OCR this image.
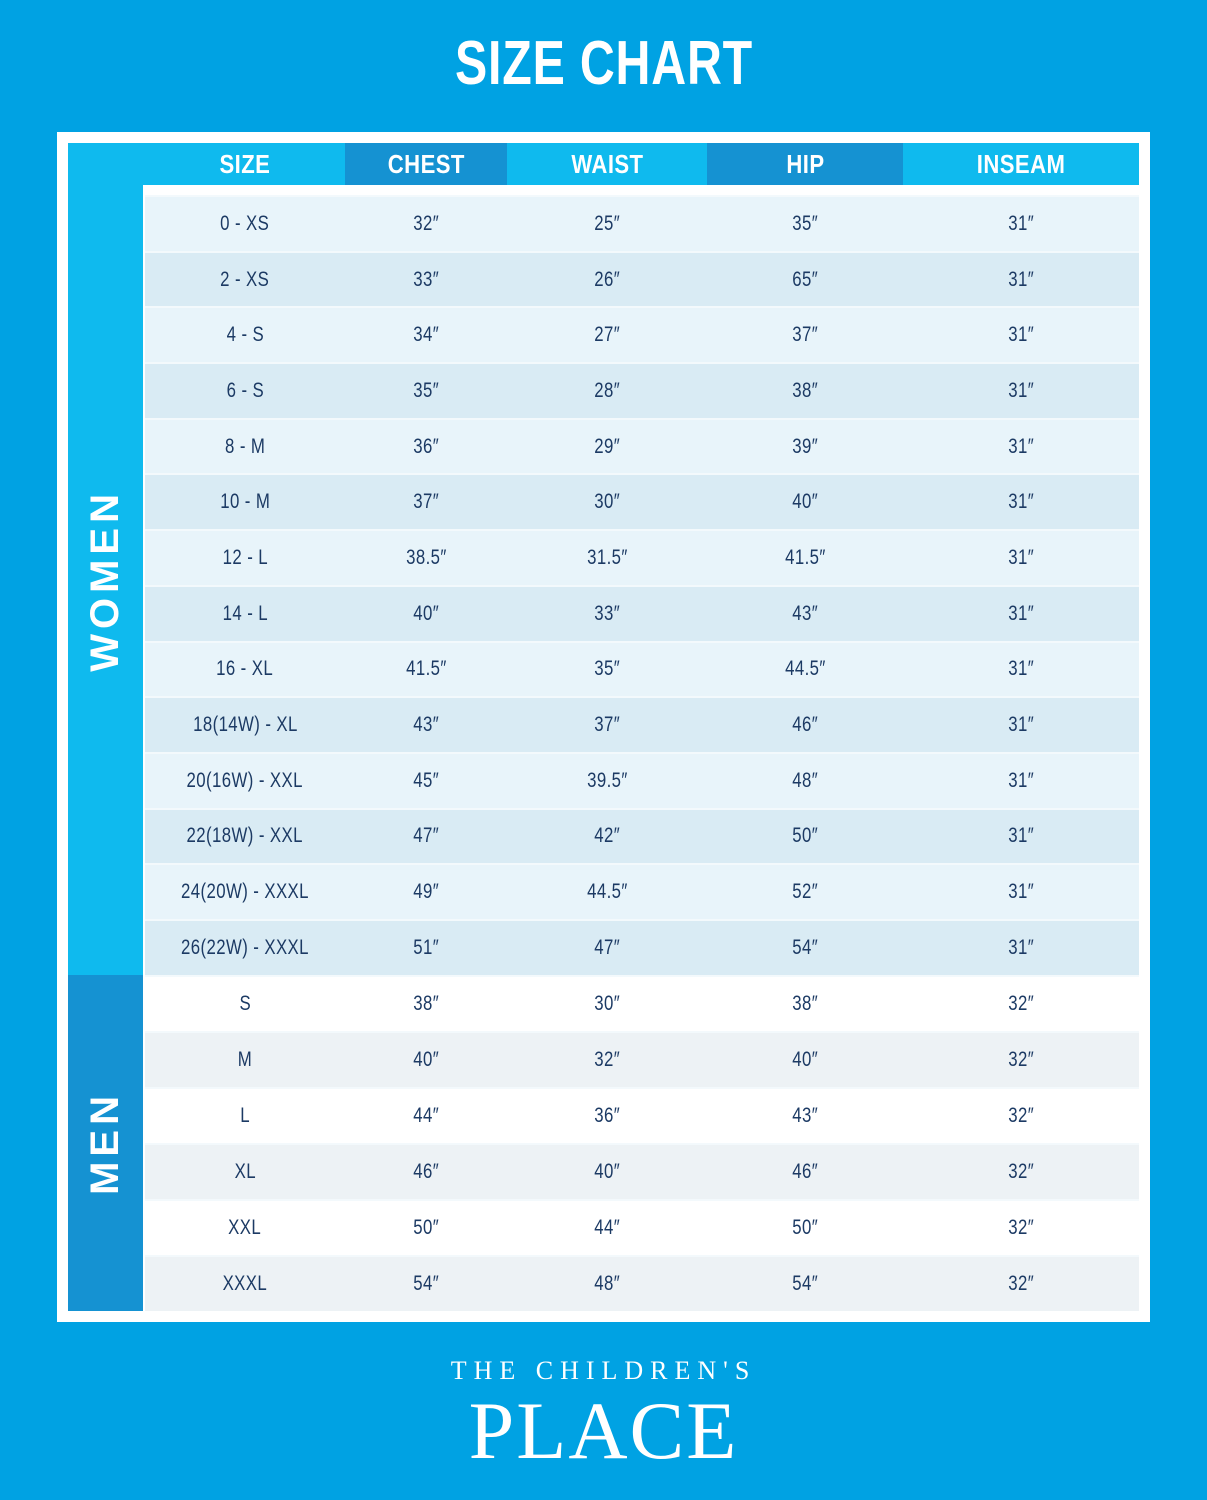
SIZE CHART
SIZE	CHEST	WAIST	HIP	INSEAM
WOMEN
MEN
0 - XS	32″	25″	35″	31″
2 - XS	33″	26″	65″	31″
4 - S	34″	27″	37″	31″
6 - S	35″	28″	38″	31″
8 - M	36″	29″	39″	31″
10 - M	37″	30″	40″	31″
12 - L	38.5″	31.5″	41.5″	31″
14 - L	40″	33″	43″	31″
16 - XL	41.5″	35″	44.5″	31″
18(14W) - XL	43″	37″	46″	31″
20(16W) - XXL	45″	39.5″	48″	31″
22(18W) - XXL	47″	42″	50″	31″
24(20W) - XXXL	49″	44.5″	52″	31″
26(22W) - XXXL	51″	47″	54″	31″
S	38″	30″	38″	32″
M	40″	32″	40″	32″
L	44″	36″	43″	32″
XL	46″	40″	46″	32″
XXL	50″	44″	50″	32″
XXXL	54″	48″	54″	32″
THE CHILDREN'S
PLACE
